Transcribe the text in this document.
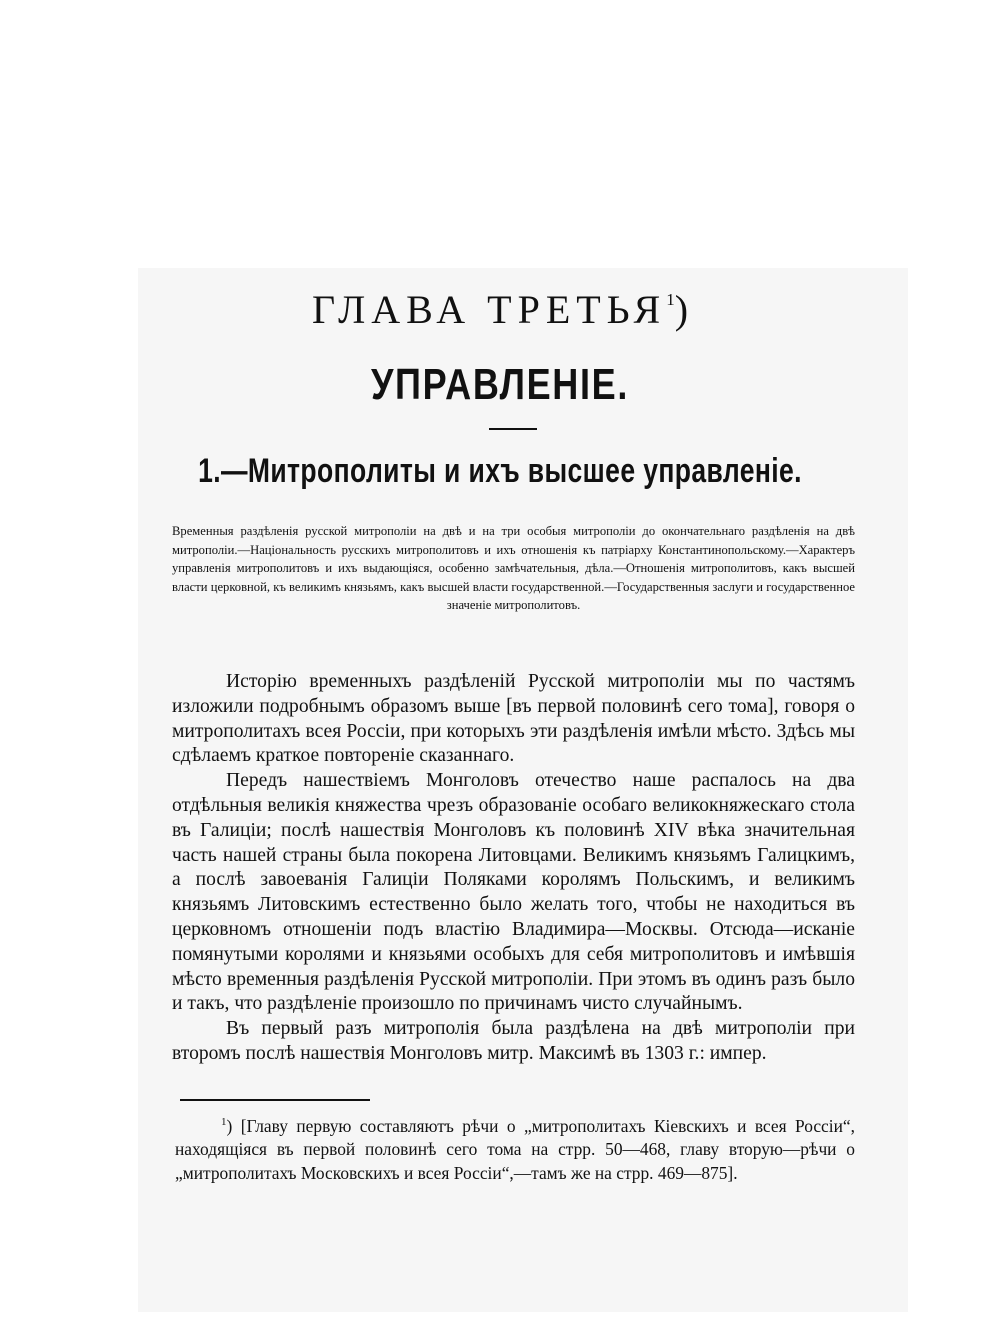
ГЛАВА ТРЕТЬЯ$^1$)
УПРАВЛЕНІЕ.
1.—Митрополиты и ихъ высшее управленіе.
Временныя раздѣленія русской митрополіи на двѣ и на три особыя митрополіи до окончательнаго раздѣленія на двѣ митрополіи.—Національность русскихъ митрополитовъ и ихъ отношенія къ патріарху Константинопольскому.—Характеръ управленія митрополитовъ и ихъ выдающіяся, особенно замѣчательныя, дѣла.—Отношенія митрополитовъ, какъ высшей власти церковной, къ великимъ князьямъ, какъ высшей власти государственной.—Государственныя заслуги и государственное значеніе митрополитовъ.

Исторію временныхъ раздѣленій Русской митрополіи мы по частямъ изложили подробнымъ образомъ выше [въ первой половинѣ сего тома], говоря о митрополитахъ всея Россіи, при которыхъ эти раздѣленія имѣли мѣсто. Здѣсь мы сдѣлаемъ краткое повтореніе сказаннаго.

Передъ нашествіемъ Монголовъ отечество наше распалось на два отдѣльныя великія княжества чрезъ образованіе особаго великокняжескаго стола въ Галиціи; послѣ нашествія Монголовъ къ половинѣ XIV вѣка значительная часть нашей страны была покорена Литовцами. Великимъ князьямъ Галицкимъ, а послѣ завоеванія Галиціи Поляками королямъ Польскимъ, и великимъ князьямъ Литовскимъ естественно было желать того, чтобы не находиться въ церковномъ отношеніи подъ властію Владимира—Москвы. Отсюда—исканіе помянутыми королями и князьями особыхъ для себя митрополитовъ и имѣвшія мѣсто временныя раздѣленія Русской митрополіи. При этомъ въ одинъ разъ было и такъ, что раздѣленіе произошло по причинамъ чисто случайнымъ.

Въ первый разъ митрополія была раздѣлена на двѣ митрополіи при второмъ послѣ нашествія Монголовъ митр. Максимѣ въ 1303 г.: импер.

$^1$) [Главу первую составляютъ рѣчи о „митрополитахъ Кіевскихъ и всея Россіи“, находящіяся въ первой половинѣ сего тома на стрр. 50—468, главу вторую—рѣчи о „митрополитахъ Московскихъ и всея Россіи“,—тамъ же на стрр. 469—875].
